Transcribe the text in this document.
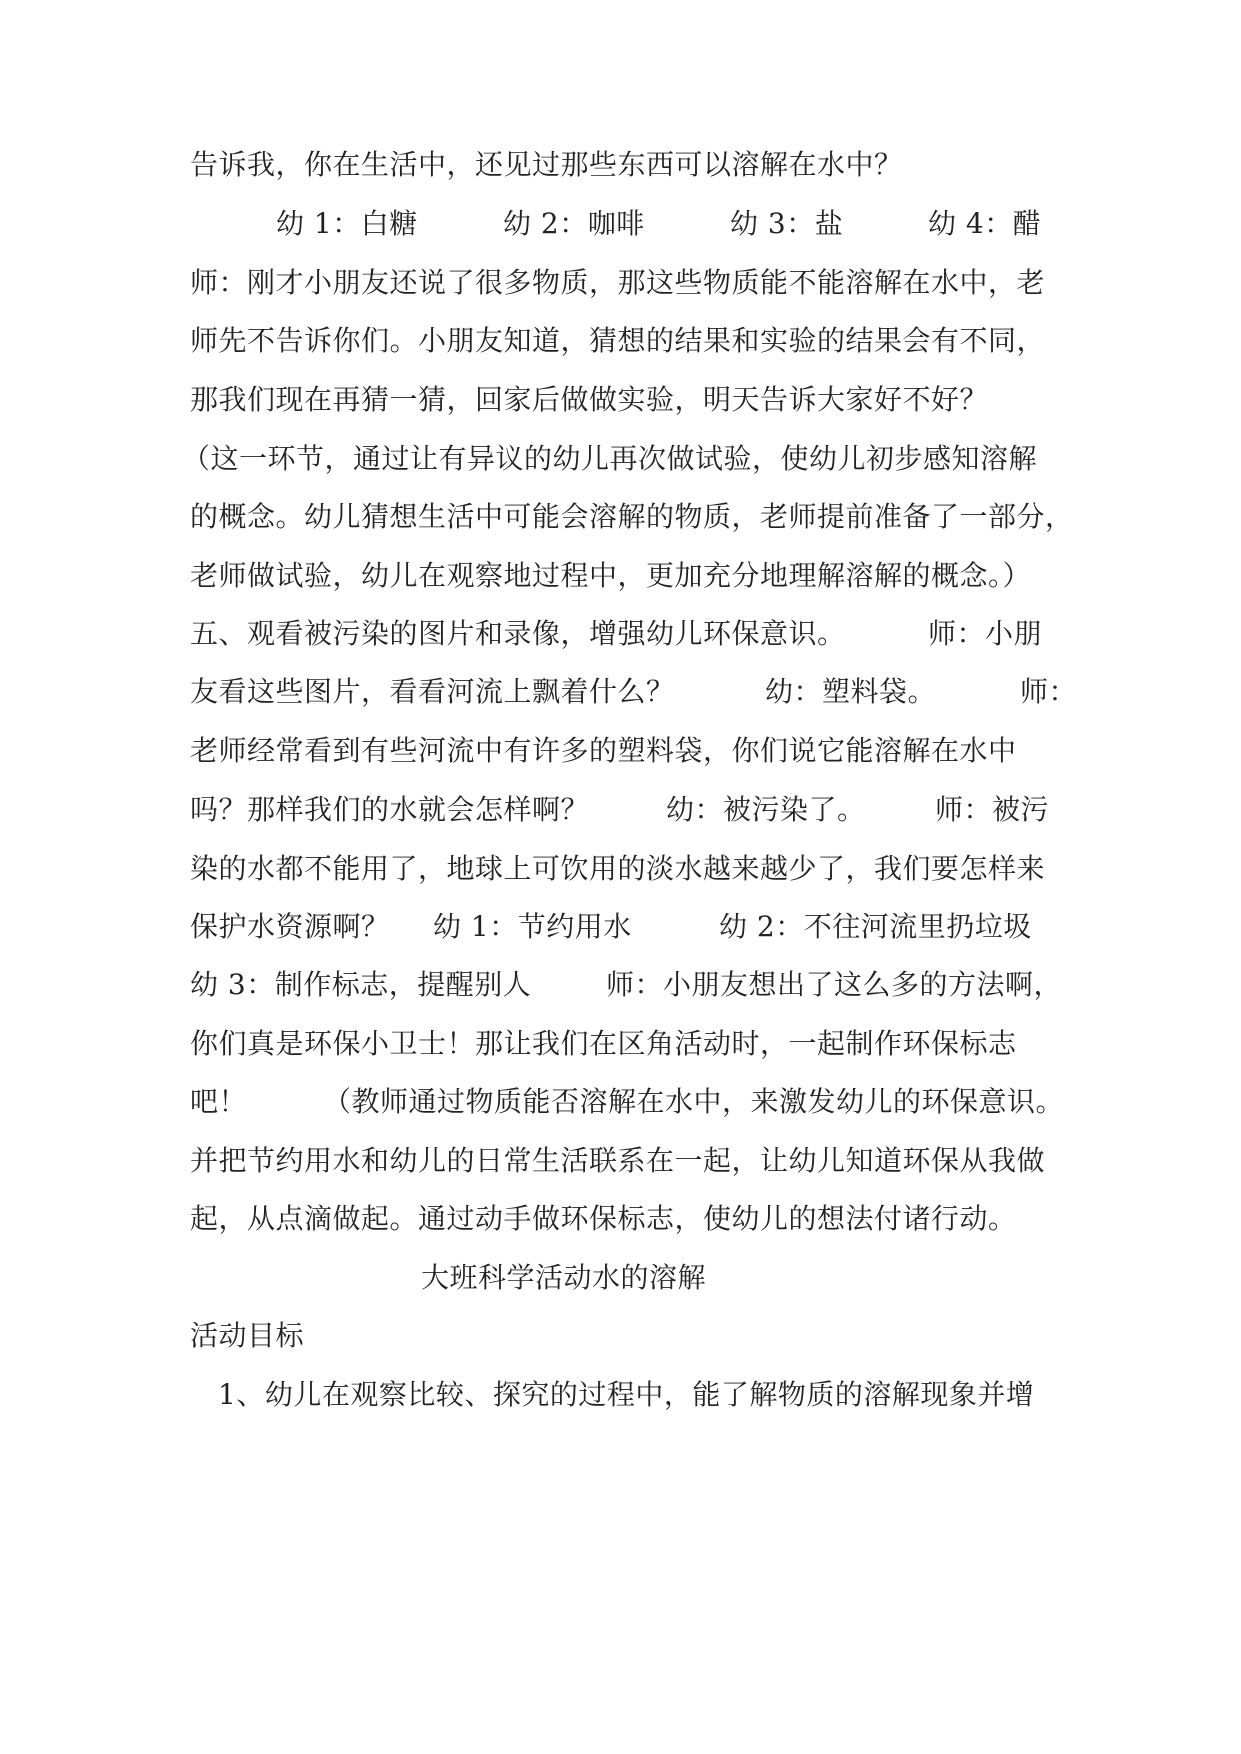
告诉我，你在生活中，还见过那些东西可以溶解在水中？
幼 1：白糖	幼 2：咖啡	幼 3：盐	幼 4：醋
师：刚才小朋友还说了很多物质，那这些物质能不能溶解在水中，老
师先不告诉你们。小朋友知道，猜想的结果和实验的结果会有不同，
那我们现在再猜一猜，回家后做做实验，明天告诉大家好不好？
（这一环节，通过让有异议的幼儿再次做试验，使幼儿初步感知溶解
的概念。幼儿猜想生活中可能会溶解的物质，老师提前准备了一部分，
老师做试验，幼儿在观察地过程中，更加充分地理解溶解的概念。）
五、观看被污染的图片和录像，增强幼儿环保意识。	师：小朋
友看这些图片，看看河流上飘着什么？	幼：塑料袋。	师：
老师经常看到有些河流中有许多的塑料袋，你们说它能溶解在水中
吗？那样我们的水就会怎样啊？	幼：被污染了。 师：被污
染的水都不能用了，地球上可饮用的淡水越来越少了，我们要怎样来
保护水资源啊？ 幼 1：节约用水	幼 2：不往河流里扔垃圾
幼 3：制作标志，提醒别人	师：小朋友想出了这么多的方法啊，
你们真是环保小卫士！那让我们在区角活动时，一起制作环保标志
吧！	（教师通过物质能否溶解在水中，来激发幼儿的环保意识。
并把节约用水和幼儿的日常生活联系在一起，让幼儿知道环保从我做
起，从点滴做起。通过动手做环保标志，使幼儿的想法付诸行动。
大班科学活动水的溶解
活动目标
1、幼儿在观察比较、探究的过程中，能了解物质的溶解现象并增
